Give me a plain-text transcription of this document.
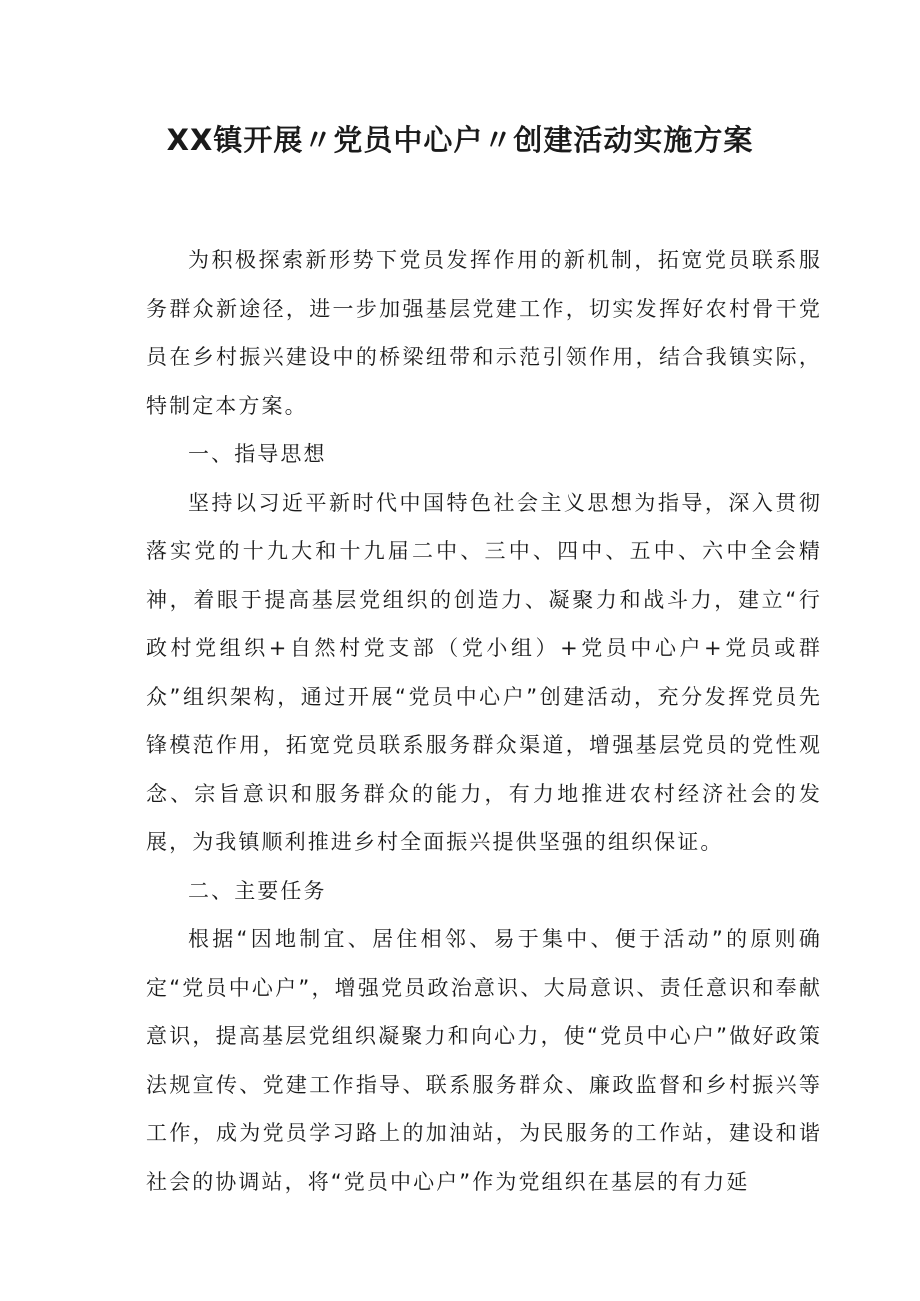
XX镇开展〃党员中心户〃创建活动实施方案

为积极探索新形势下党员发挥作用的新机制，拓宽党员联系服务群众新途径，进一步加强基层党建工作，切实发挥好农村骨干党员在乡村振兴建设中的桥梁纽带和示范引领作用，结合我镇实际，特制定本方案。

一、指导思想

坚持以习近平新时代中国特色社会主义思想为指导，深入贯彻落实党的十九大和十九届二中、三中、四中、五中、六中全会精神，着眼于提高基层党组织的创造力、凝聚力和战斗力，建立“行政村党组织+自然村党支部（党小组）+党员中心户+党员或群众”组织架构，通过开展“党员中心户”创建活动，充分发挥党员先锋模范作用，拓宽党员联系服务群众渠道，增强基层党员的党性观念、宗旨意识和服务群众的能力，有力地推进农村经济社会的发展，为我镇顺利推进乡村全面振兴提供坚强的组织保证。

二、主要任务

根据“因地制宜、居住相邻、易于集中、便于活动”的原则确定“党员中心户”，增强党员政治意识、大局意识、责任意识和奉献意识，提高基层党组织凝聚力和向心力，使“党员中心户”做好政策法规宣传、党建工作指导、联系服务群众、廉政监督和乡村振兴等工作，成为党员学习路上的加油站，为民服务的工作站，建设和谐社会的协调站，将“党员中心户”作为党组织在基层的有力延
